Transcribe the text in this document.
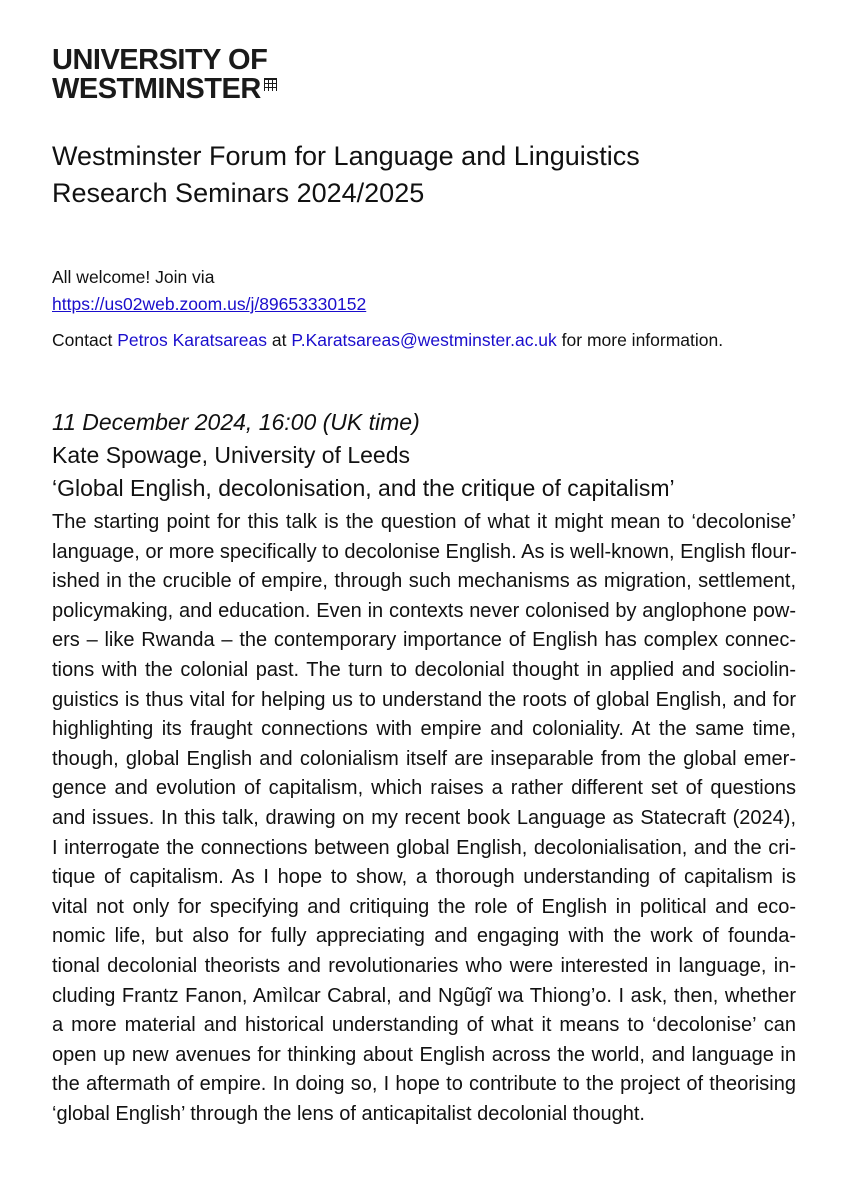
UNIVERSITY OF
WESTMINSTER
Westminster Forum for Language and Linguistics
Research Seminars 2024/2025
All welcome! Join via
https://us02web.zoom.us/j/89653330152
Contact Petros Karatsareas at P.Karatsareas@westminster.ac.uk for more information.
11 December 2024, 16:00 (UK time)
Kate Spowage, University of Leeds
‘Global English, decolonisation, and the critique of capitalism’
The starting point for this talk is the question of what it might mean to ‘decolonise’
language, or more specifically to decolonise English. As is well-known, English flour-
ished in the crucible of empire, through such mechanisms as migration, settlement,
policymaking, and education. Even in contexts never colonised by anglophone pow-
ers – like Rwanda – the contemporary importance of English has complex connec-
tions with the colonial past. The turn to decolonial thought in applied and sociolin-
guistics is thus vital for helping us to understand the roots of global English, and for
highlighting its fraught connections with empire and coloniality. At the same time,
though, global English and colonialism itself are inseparable from the global emer-
gence and evolution of capitalism, which raises a rather different set of questions
and issues. In this talk, drawing on my recent book Language as Statecraft (2024),
I interrogate the connections between global English, decolonialisation, and the cri-
tique of capitalism. As I hope to show, a thorough understanding of capitalism is
vital not only for specifying and critiquing the role of English in political and eco-
nomic life, but also for fully appreciating and engaging with the work of founda-
tional decolonial theorists and revolutionaries who were interested in language, in-
cluding Frantz Fanon, Amìlcar Cabral, and Ngũgĩ wa Thiong’o. I ask, then, whether
a more material and historical understanding of what it means to ‘decolonise’ can
open up new avenues for thinking about English across the world, and language in
the aftermath of empire. In doing so, I hope to contribute to the project of theorising
‘global English’ through the lens of anticapitalist decolonial thought.
